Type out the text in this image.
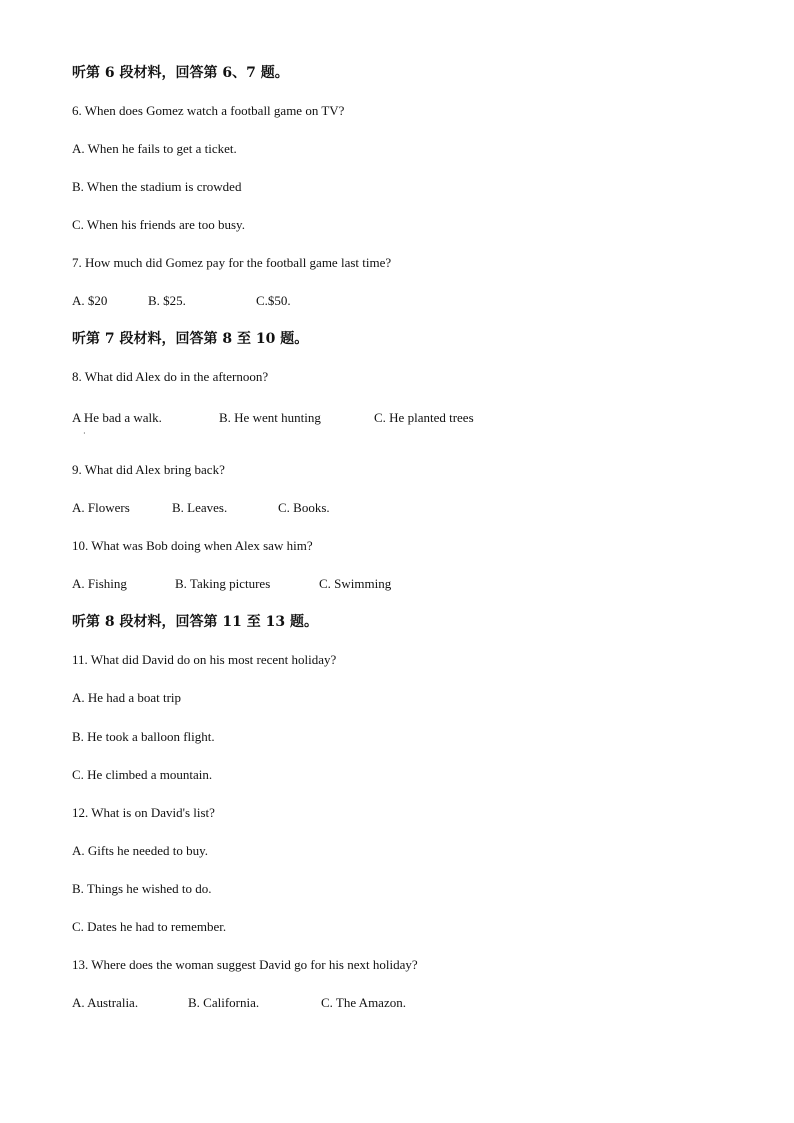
听第 6 段材料，回答第 6、7 题。
6. When does Gomez watch a football game on TV?
A. When he fails to get a ticket.
B. When the stadium is crowded
C. When his friends are too busy.
7. How much did Gomez pay for the football game last time?
A. $20	B. $25.	C.$50.
听第 7 段材料，回答第 8 至 10 题。
8. What did Alex do in the afternoon?
A He bad a walk.	B. He went hunting	C. He planted trees
·
9. What did Alex bring back?
A. Flowers	B. Leaves.	C. Books.
10. What was Bob doing when Alex saw him?
A. Fishing	B. Taking pictures	C. Swimming
听第 8 段材料，回答第 11 至 13 题。
11. What did David do on his most recent holiday?
A. He had a boat trip
B. He took a balloon flight.
C. He climbed a mountain.
12. What is on David's list?
A. Gifts he needed to buy.
B. Things he wished to do.
C. Dates he had to remember.
13. Where does the woman suggest David go for his next holiday?
A. Australia.	B. California.	C. The Amazon.
